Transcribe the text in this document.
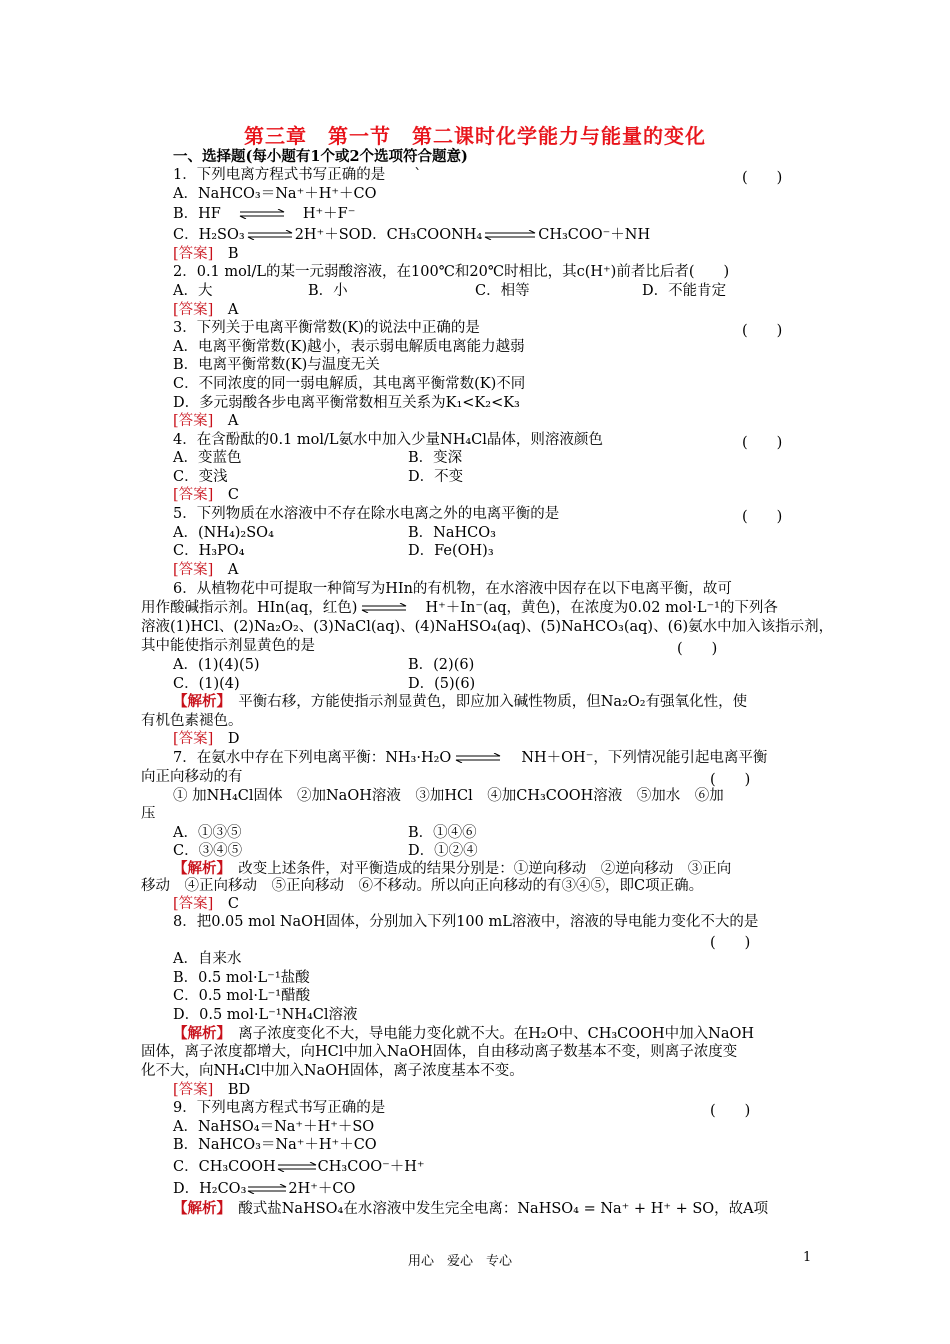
第三章　第一节　第二课时化学能力与能量的变化
一、选择题(每小题有1个或2个选项符合题意)
1．下列电离方程式书写正确的是　　`	(　　)
A．NaHCO₃＝Na⁺＋H⁺＋CO
B．HF ⇌ H⁺＋F⁻
C．H₂SO₃ ⇌ 2H⁺＋SOD．CH₃COONH₄ ⇌ CH₃COO⁻＋NH
[答案]　 B
2．0.1 mol/L的某一元弱酸溶液，在100℃和20℃时相比，其c(H⁺)前者比后者(　　)
A．大	B．小	C．相等	D．不能肯定
[答案]　 A
3．下列关于电离平衡常数(K)的说法中正确的是	(　　)
A．电离平衡常数(K)越小，表示弱电解质电离能力越弱
B．电离平衡常数(K)与温度无关
C．不同浓度的同一弱电解质，其电离平衡常数(K)不同
D．多元弱酸各步电离平衡常数相互关系为K₁<K₂<K₃
[答案]　 A
4．在含酚酞的0.1 mol/L氨水中加入少量NH₄Cl晶体，则溶液颜色	(　　)
A．变蓝色	B．变深
C．变浅	D．不变
[答案]　 C
5．下列物质在水溶液中不存在除水电离之外的电离平衡的是	(　　)
A．(NH₄)₂SO₄	B．NaHCO₃
C．H₃PO₄	D．Fe(OH)₃
[答案]　 A
6．从植物花中可提取一种简写为HIn的有机物，在水溶液中因存在以下电离平衡，故可
用作酸碱指示剂。HIn(aq，红色) ⇌ H⁺＋In⁻(aq，黄色)，在浓度为0.02 mol·L⁻¹的下列各
溶液(1)HCl、(2)Na₂O₂、(3)NaCl(aq)、(4)NaHSO₄(aq)、(5)NaHCO₃(aq)、(6)氨水中加入该指示剂，
其中能使指示剂显黄色的是	(　　)
A．(1)(4)(5)	B．(2)(6)
C．(1)(4)	D．(5)(6)
【解析】　 平衡右移，方能使指示剂显黄色，即应加入碱性物质，但Na₂O₂有强氧化性，使
有机色素褪色。
[答案]　 D
7．在氨水中存在下列电离平衡：NH₃·H₂O ⇌ NH＋OH⁻，下列情况能引起电离平衡
向正向移动的有	(　　)
① 加NH₄Cl固体　②加NaOH溶液　③加HCl　④加CH₃COOH溶液　⑤加水　⑥加
压
A．①③⑤	B．①④⑥
C．③④⑤	D．①②④
【解析】　 改变上述条件，对平衡造成的结果分别是：①逆向移动　②逆向移动　③正向
移动　④正向移动　⑤正向移动　⑥不移动。所以向正向移动的有③④⑤，即C项正确。
[答案]　 C
8．把0.05 mol NaOH固体，分别加入下列100 mL溶液中，溶液的导电能力变化不大的是
(　　)
A．自来水
B．0.5 mol·L⁻¹盐酸
C．0.5 mol·L⁻¹醋酸
D．0.5 mol·L⁻¹NH₄Cl溶液
【解析】　 离子浓度变化不大，导电能力变化就不大。在H₂O中、CH₃COOH中加入NaOH
固体，离子浓度都增大，向HCl中加入NaOH固体，自由移动离子数基本不变，则离子浓度变
化不大，向NH₄Cl中加入NaOH固体，离子浓度基本不变。
[答案]　 BD
9．下列电离方程式书写正确的是	(　　)
A．NaHSO₄＝Na⁺＋H⁺＋SO
B．NaHCO₃＝Na⁺＋H⁺＋CO
C．CH₃COOH⇌CH₃COO⁻＋H⁺
D．H₂CO₃⇌2H⁺＋CO
【解析】　 酸式盐NaHSO₄在水溶液中发生完全电离：NaHSO₄ = Na⁺ + H⁺ + SO，故A项
用心　爱心　专心	1
